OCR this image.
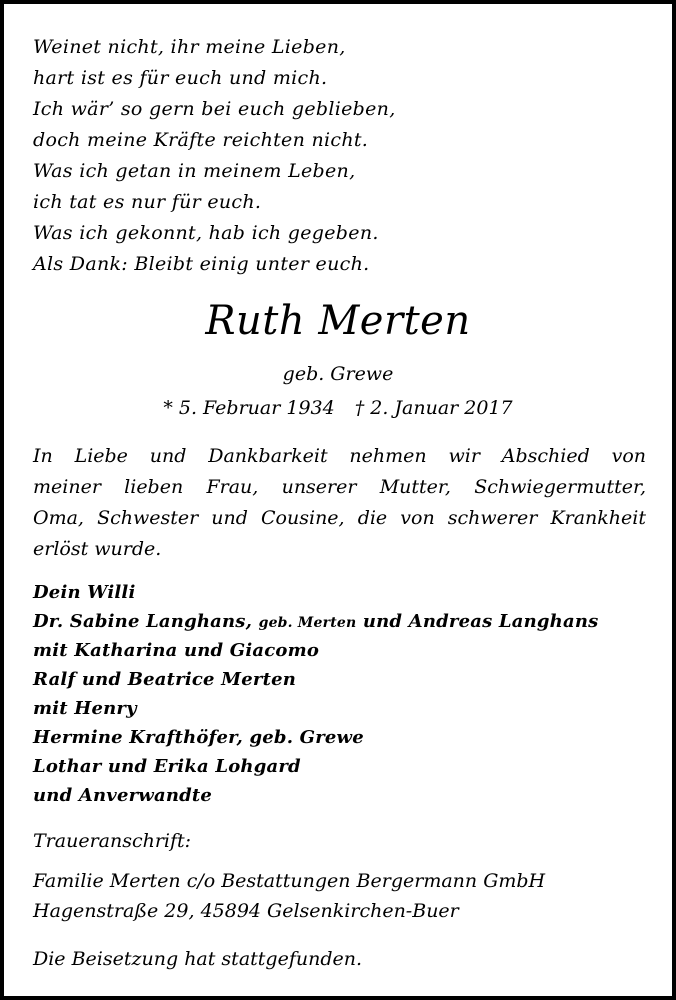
Weinet nicht, ihr meine Lieben,
hart ist es für euch und mich.
Ich wär’ so gern bei euch geblieben,
doch meine Kräfte reichten nicht.
Was ich getan in meinem Leben,
ich tat es nur für euch.
Was ich gekonnt, hab ich gegeben.
Als Dank: Bleibt einig unter euch.
Ruth Merten
geb. Grewe
* 5. Februar 1934 † 2. Januar 2017
In Liebe und Dankbarkeit nehmen wir Abschied von
meiner lieben Frau, unserer Mutter, Schwiegermutter,
Oma, Schwester und Cousine, die von schwerer Krankheit
erlöst wurde.
Dein Willi
Dr. Sabine Langhans, geb. Merten und Andreas Langhans
mit Katharina und Giacomo
Ralf und Beatrice Merten
mit Henry
Hermine Krafthöfer, geb. Grewe
Lothar und Erika Lohgard
und Anverwandte
Traueranschrift:
Familie Merten c/o Bestattungen Bergermann GmbH
Hagenstraße 29, 45894 Gelsenkirchen-Buer
Die Beisetzung hat stattgefunden.
